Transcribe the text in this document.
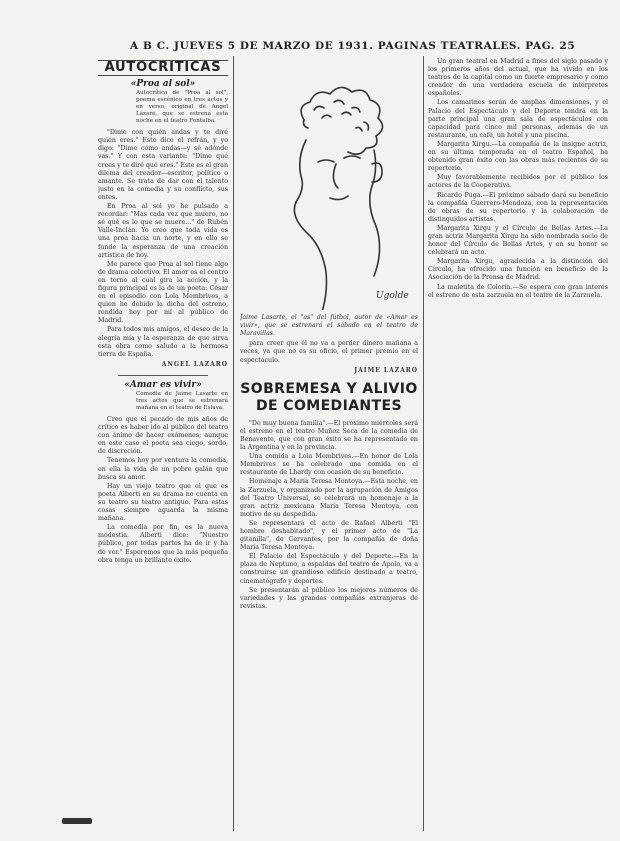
A B C. JUEVES 5 DE MARZO DE 1931. PAGINAS TEATRALES. PAG. 25
AUTOCRITICAS
«Proa al sol»
Autocrítica de "Proa al sol", poema escénico en tres actos y en verso, original de Angel Lázaro, que se estrena esta noche en el teatro Fontalba.

"Dime con quién andas y te diré quién eres." Esto dice el refrán, y yo digo: "Dime cómo andas—y sé adónde vas." Y con esta variante: "Dime qué crees y te diré qué eres." Este es el gran dilema del creador—escritor, político o amante. Se trata de dar con el talento justo en la comedia y su conflicto, sus entes.

En Proa al sol yo he pulsado a recordar: "Mas cada vez que muero, no sé qué es lo que se muere..." de Rubén Valle-Inclán. Yo creo que toda vida es una proa hacia un norte, y en ello se funde la esperanza de una creación artística de hoy.

Me parece que Proa al sol tiene algo de drama colectivo. El amor es el centro en torno al cual gira la acción, y la figura principal es la de un poeta: César en el episodio con Lola Membrives, a quien he debido la dicha del estreno, rendida hoy por mí al público de Madrid.

Para todos mis amigos, el deseo de la alegría mía y la esperanza de que sirva esta obra como saludo a la hermosa tierra de España.

ANGEL LAZARO
«Amar es vivir»
Comedia de Jaime Lasarte en tres actos que se estrenará mañana en el teatro de Eslava.

Creo que el pecado de mis años de crítico es haber ido al público del teatro con ánimo de hacer exámenes; aunque en este caso el poeta sea ciego, sordo, de discreción.

Tenemos hoy por ventura la comedia, en ella la vida de un pobre galán que busca su amor.

Hay un viejo teatro que el que es poeta Alberti en su drama no cuenta en su teatro su teatro antiguo. Para estas cosas siempre aguarda la misma mañana.

La comedia por fin, es la nueva modestia. Alberti dice: "Nuestro público, por todas partes ha de ir y ha de ver." Esperemos que la más pequeña obra tenga un brillante éxito.

Ugolde
Jaime Lasarte, el "as" del fútbol, autor de «Amar es vivir», que se estrenará el sábado en el teatro de Maravillas.

para creer que él no va a perder dinero mañana a veces, ya que no es su oficio, el primer premio en el espectáculo.

JAIME LAZARO
SOBREMESA Y ALIVIO DE COMEDIANTES

"De muy buena familia".—El próximo miércoles será el estreno en el teatro Muñoz Seca de la comedia de Benavente, que con gran éxito se ha representado en la Argentina y en la provincia.

Una comida a Lola Membrives.—En honor de Lola Membrives se ha celebrado una comida en el restaurante de Lhardy con ocasión de su beneficio.

Homenaje a María Teresa Montoya.—Esta noche, en la Zarzuela, y organizado por la agrupación de Amigos del Teatro Universal, se celebrará un homenaje a la gran actriz mexicana María Teresa Montoya, con motivo de su despedida.

Se representará el acto de Rafael Alberti "El hombre deshabitado", y el primer acto de "La gitanilla", de Cervantes, por la compañía de doña María Teresa Montoya.

El Palacio del Espectáculo y del Deporte.—En la plaza de Neptuno, a espaldas del teatro de Apolo, va a construirse un grandioso edificio destinado a teatro, cinematógrafo y deportes.

Se presentarán al público los mejores números de variedades y las grandes compañías extranjeras de revistas.

Un gran teatral en Madrid a fines del siglo pasado y los primeros años del actual, que ha vivido en los teatros de la capital como un fuerte empresario y como creador de una verdadera escuela de intérpretes españoles.

Los camarines serán de amplias dimensiones, y el Palacio del Espectáculo y del Deporte tendrá en la parte principal una gran sala de espectáculos con capacidad para cinco mil personas, además de un restaurante, un café, un hotel y una piscina.

Margarita Xirgu.—La compañía de la insigne actriz, en su última temporada en el teatro Español, ha obtenido gran éxito con las obras más recientes de su repertorio.

Muy favorablemente recibidos por el público los actores de la Cooperativa.

Ricardo Puga.—El próximo sábado dará su beneficio la compañía Guerrero-Mendoza, con la representación de obras de su repertorio y la colaboración de distinguidos artistas.

Margarita Xirgu y el Círculo de Bellas Artes.—La gran actriz Margarita Xirgu ha sido nombrada socio de honor del Círculo de Bellas Artes, y en su honor se celebrará un acto.

Margarita Xirgu, agradecida a la distinción del Círculo, ha ofrecido una función en beneficio de la Asociación de la Prensa de Madrid.

La maletita de Colorín.—Se espera con gran interés el estreno de esta zarzuela en el teatro de la Zarzuela.
